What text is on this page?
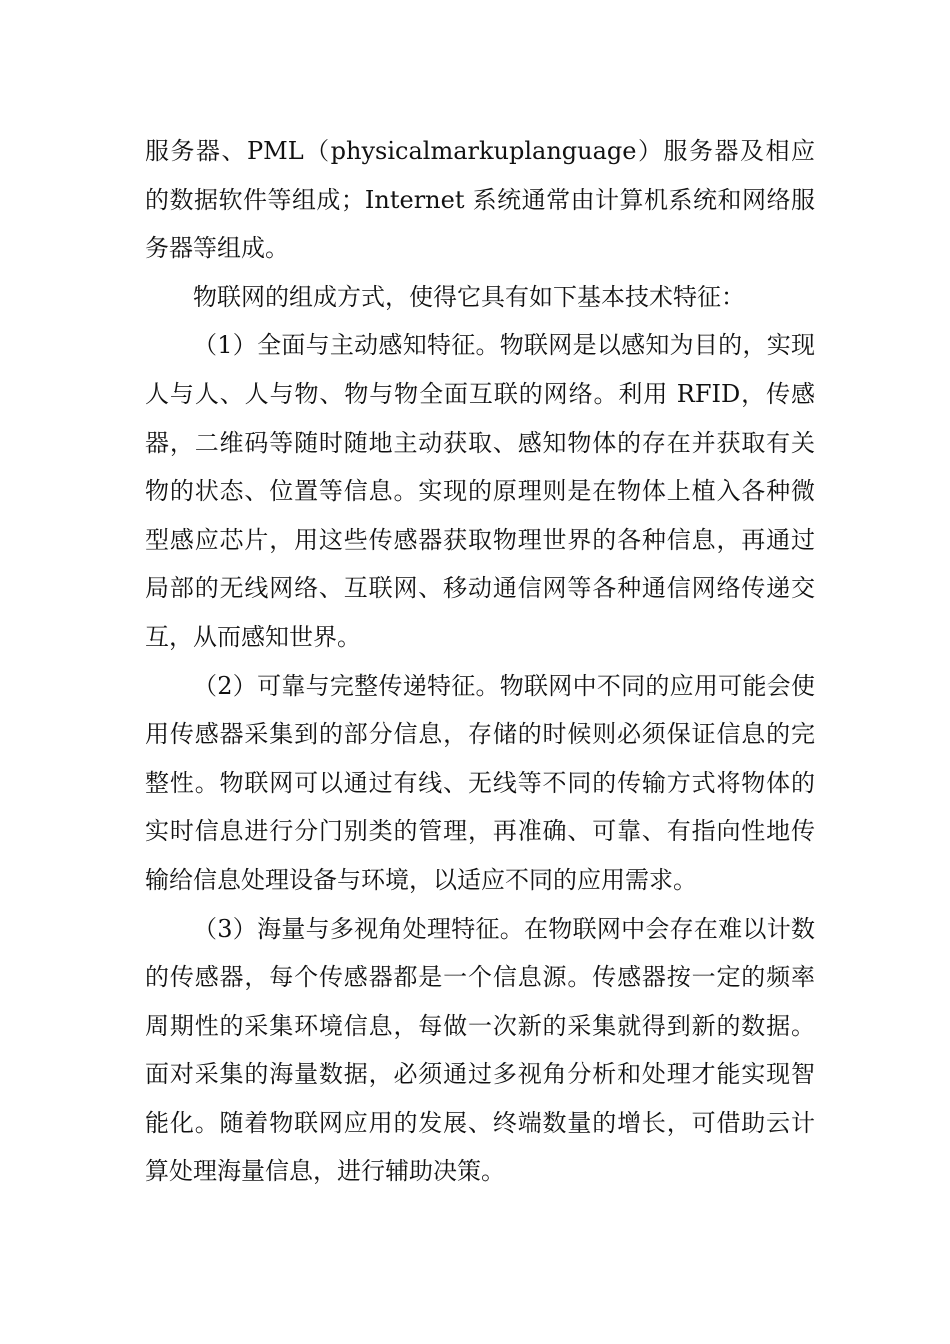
服务器、PML（physicalmarkuplanguage）服务器及相应的数据软件等组成；Internet 系统通常由计算机系统和网络服务器等组成。

物联网的组成方式，使得它具有如下基本技术特征：

（1）全面与主动感知特征。物联网是以感知为目的，实现人与人、人与物、物与物全面互联的网络。利用 RFID，传感器，二维码等随时随地主动获取、感知物体的存在并获取有关物的状态、位置等信息。实现的原理则是在物体上植入各种微型感应芯片，用这些传感器获取物理世界的各种信息，再通过局部的无线网络、互联网、移动通信网等各种通信网络传递交互，从而感知世界。

（2）可靠与完整传递特征。物联网中不同的应用可能会使用传感器采集到的部分信息，存储的时候则必须保证信息的完整性。物联网可以通过有线、无线等不同的传输方式将物体的实时信息进行分门别类的管理，再准确、可靠、有指向性地传输给信息处理设备与环境，以适应不同的应用需求。

（3）海量与多视角处理特征。在物联网中会存在难以计数的传感器，每个传感器都是一个信息源。传感器按一定的频率周期性的采集环境信息，每做一次新的采集就得到新的数据。面对采集的海量数据，必须通过多视角分析和处理才能实现智能化。随着物联网应用的发展、终端数量的增长，可借助云计算处理海量信息，进行辅助决策。
